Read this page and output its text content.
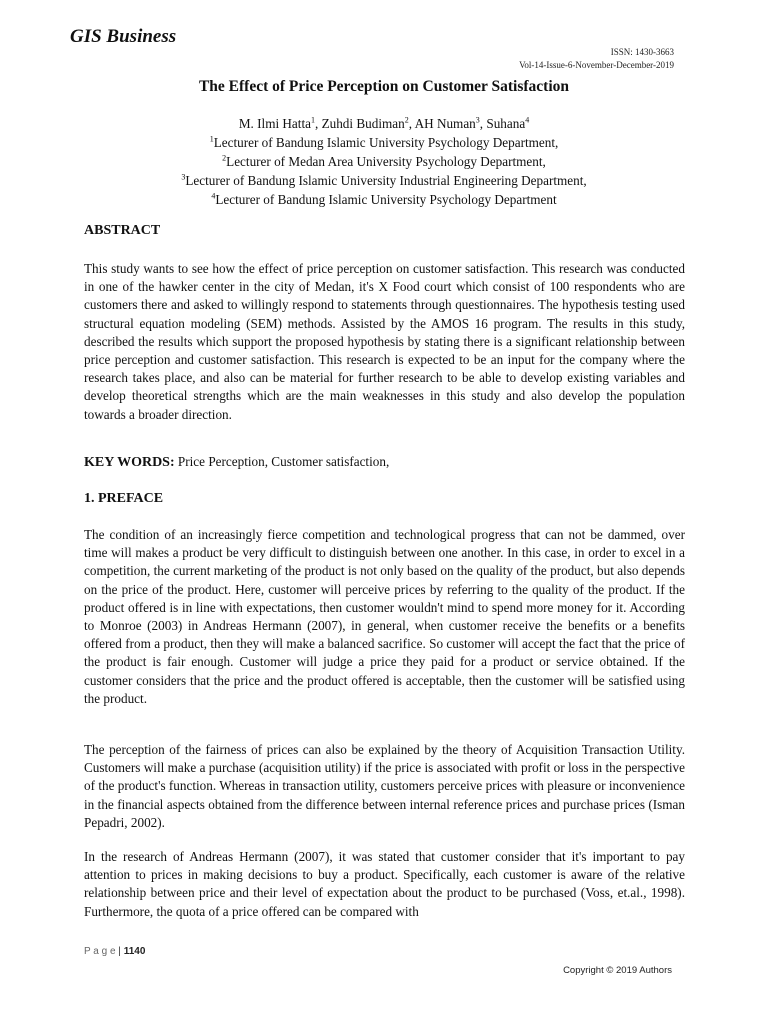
GIS Business
ISSN: 1430-3663
Vol-14-Issue-6-November-December-2019
The Effect of Price Perception on Customer Satisfaction
M. Ilmi Hatta$^1$, Zuhdi Budiman$^2$, AH Numan$^3$, Suhana$^4$
$^1$Lecturer of Bandung Islamic University Psychology Department,
$^2$Lecturer of Medan Area University Psychology Department,
$^3$Lecturer of Bandung Islamic University Industrial Engineering Department,
$^4$Lecturer of Bandung Islamic University Psychology Department
ABSTRACT
This study wants to see how the effect of price perception on customer satisfaction. This research was conducted in one of the hawker center in the city of Medan, it's X Food court which consist of 100 respondents who are customers there and asked to willingly respond to statements through questionnaires. The hypothesis testing used structural equation modeling (SEM) methods. Assisted by the AMOS 16 program. The results in this study, described the results which support the proposed hypothesis by stating there is a significant relationship between price perception and customer satisfaction. This research is expected to be an input for the company where the research takes place, and also can be material for further research to be able to develop existing variables and develop theoretical strengths which are the main weaknesses in this study and also develop the population towards a broader direction.
KEY WORDS: Price Perception, Customer satisfaction,
1. PREFACE
The condition of an increasingly fierce competition and technological progress that can not be dammed, over time will makes a product be very difficult to distinguish between one another. In this case, in order to excel in a competition, the current marketing of the product is not only based on the quality of the product, but also depends on the price of the product. Here, customer will perceive prices by referring to the quality of the product. If the product offered is in line with expectations, then customer wouldn't mind to spend more money for it. According to Monroe (2003) in Andreas Hermann (2007), in general, when customer receive the benefits or a benefits offered from a product, then they will make a balanced sacrifice. So customer will accept the fact that the price of the product is fair enough. Customer will judge a price they paid for a product or service obtained. If the customer considers that the price and the product offered is acceptable, then the customer will be satisfied using the product.
The perception of the fairness of prices can also be explained by the theory of Acquisition Transaction Utility. Customers will make a purchase (acquisition utility) if the price is associated with profit or loss in the perspective of the product's function. Whereas in transaction utility, customers perceive prices with pleasure or inconvenience in the financial aspects obtained from the difference between internal reference prices and purchase prices (Isman Pepadri, 2002).
In the research of Andreas Hermann (2007), it was stated that customer consider that it's important to pay attention to prices in making decisions to buy a product. Specifically, each customer is aware of the relative relationship between price and their level of expectation about the product to be purchased (Voss, et.al., 1998). Furthermore, the quota of a price offered can be compared with
P a g e | 1140
Copyright © 2019 Authors
